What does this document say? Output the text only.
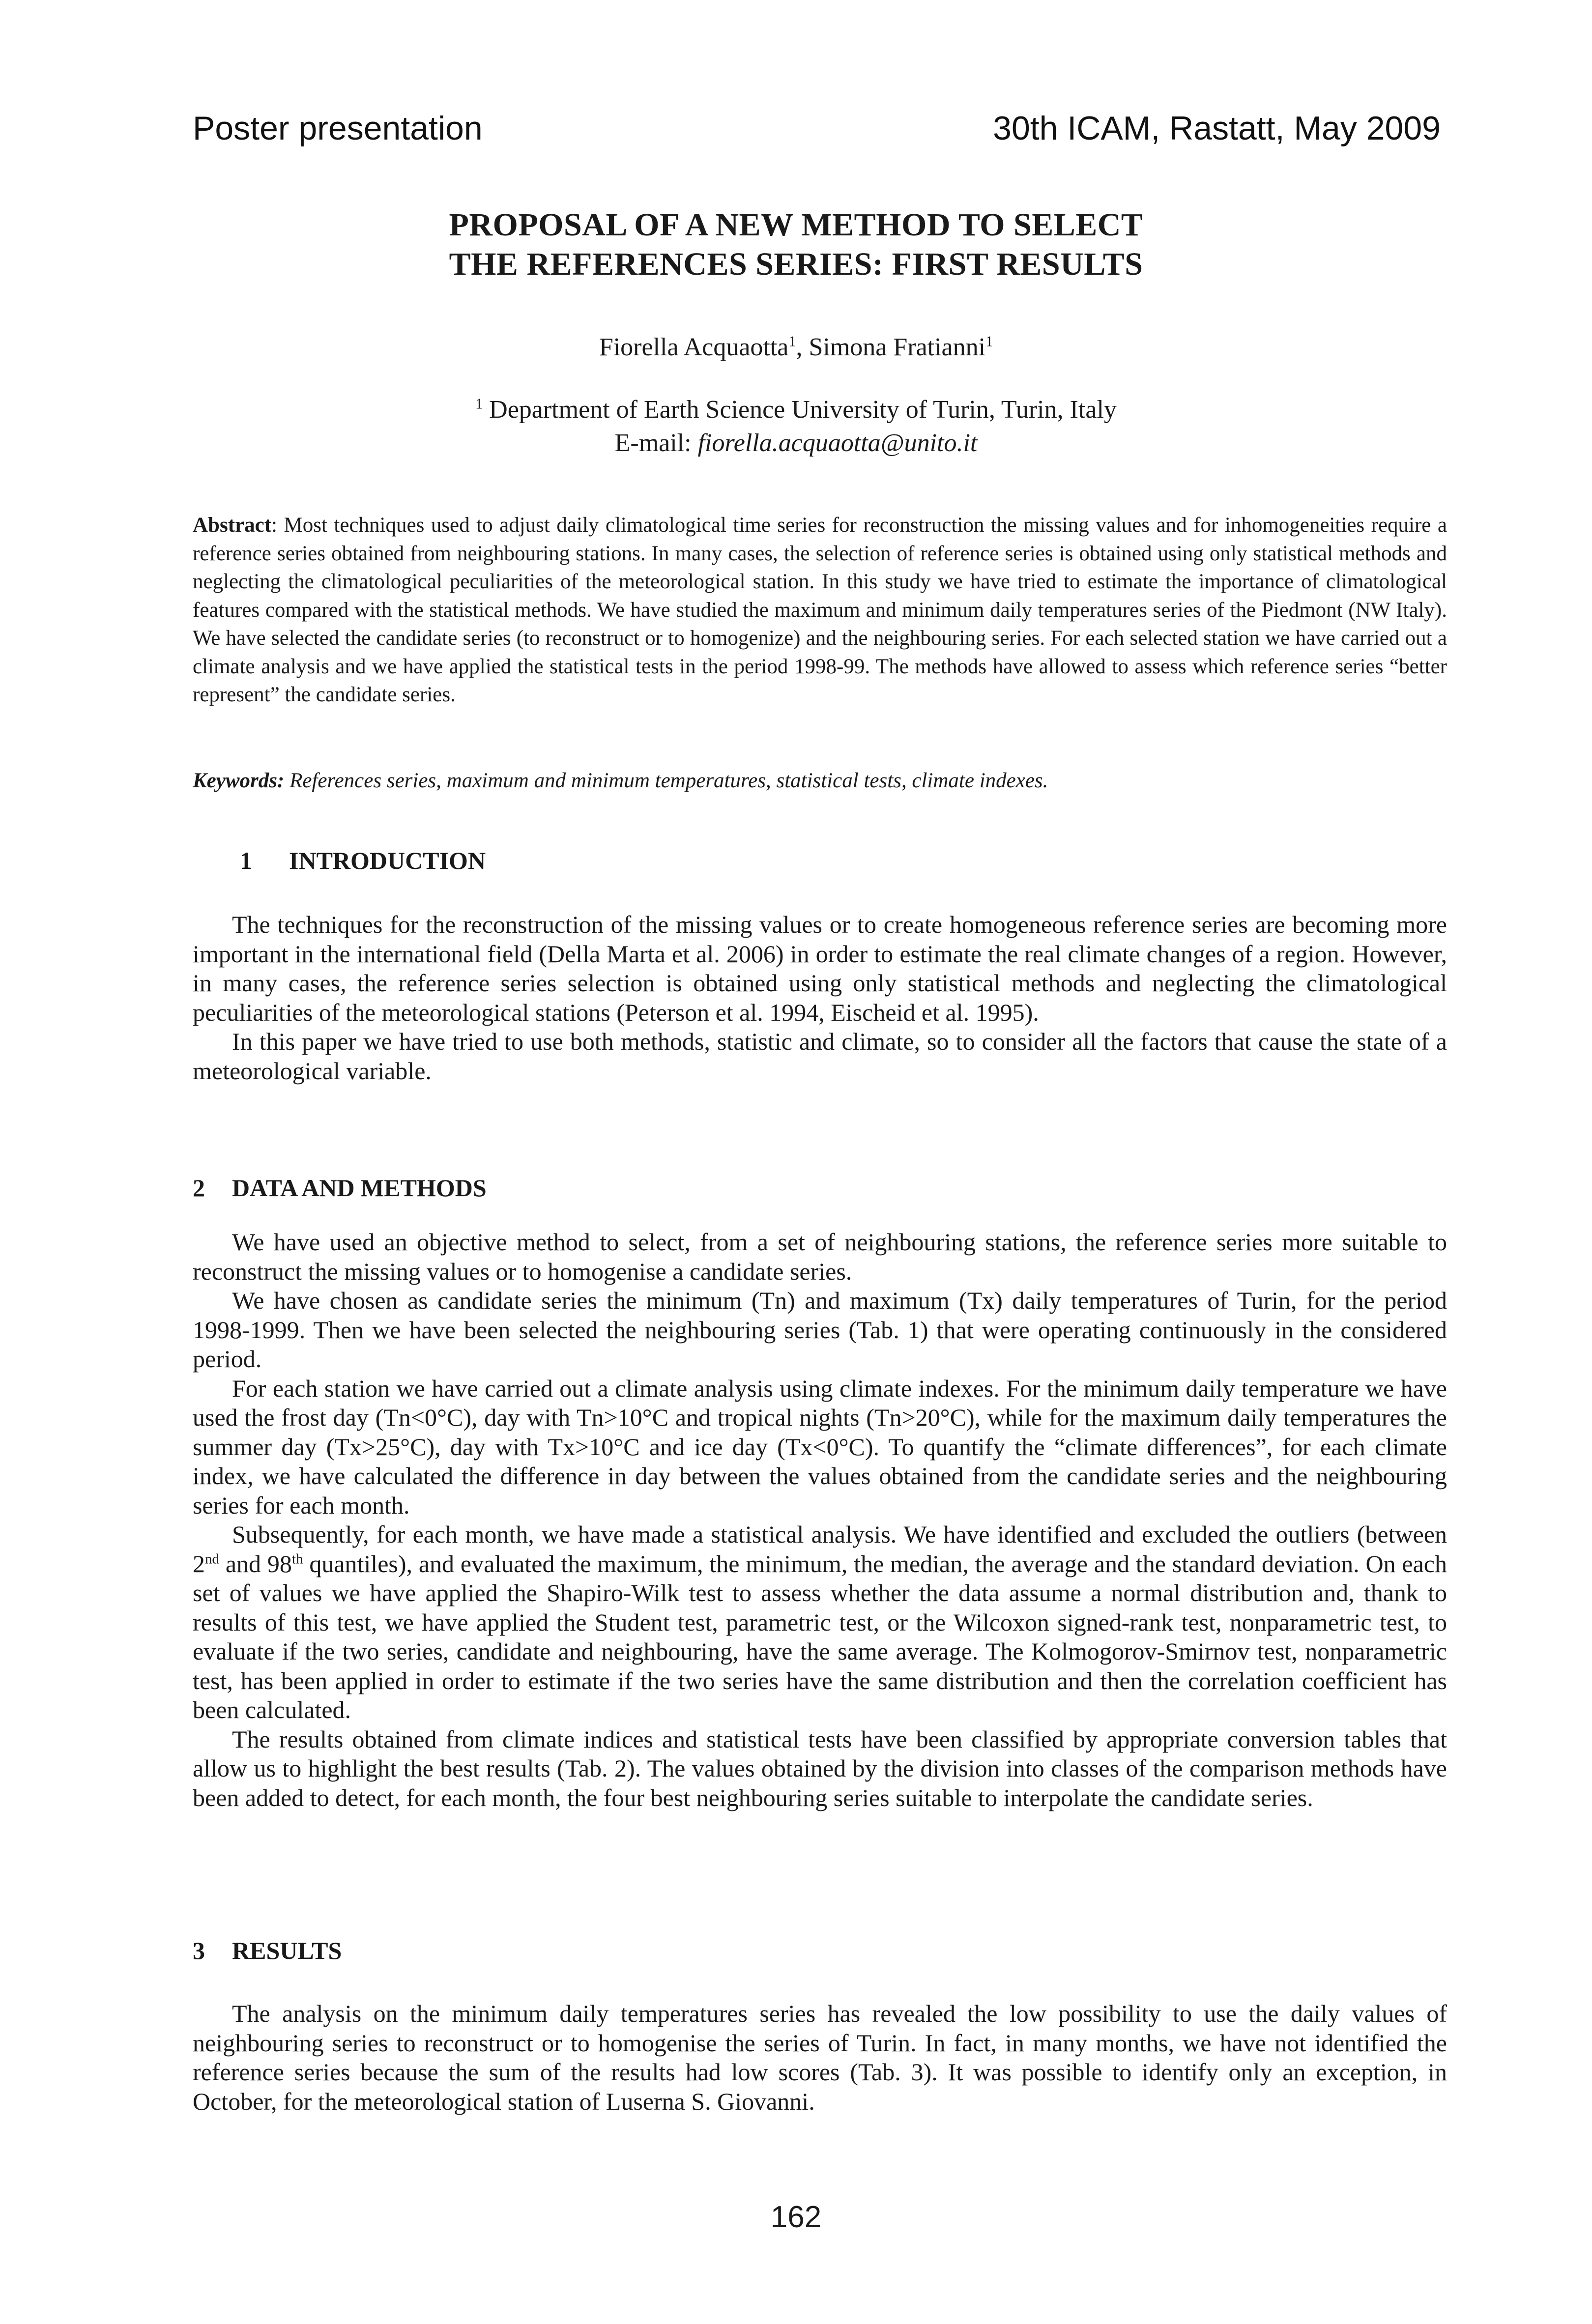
Poster presentation	30th ICAM, Rastatt, May 2009
PROPOSAL OF A NEW METHOD TO SELECT
THE REFERENCES SERIES: FIRST RESULTS
Fiorella Acquaotta$^1$, Simona Fratianni$^1$
$^1$ Department of Earth Science University of Turin, Turin, Italy
E-mail: fiorella.acquaotta@unito.it
Abstract: Most techniques used to adjust daily climatological time series for reconstruction the missing values and for inhomogeneities require a reference series obtained from neighbouring stations. In many cases, the selection of reference series is obtained using only statistical methods and neglecting the climatological peculiarities of the meteorological station. In this study we have tried to estimate the importance of climatological features compared with the statistical methods. We have studied the maximum and minimum daily temperatures series of the Piedmont (NW Italy). We have selected the candidate series (to reconstruct or to homogenize) and the neighbouring series. For each selected station we have carried out a climate analysis and we have applied the statistical tests in the period 1998-99. The methods have allowed to assess which reference series “better represent” the candidate series.
Keywords: References series, maximum and minimum temperatures, statistical tests, climate indexes.
1 INTRODUCTION

The techniques for the reconstruction of the missing values or to create homogeneous reference series are becoming more important in the international field (Della Marta et al. 2006) in order to estimate the real climate changes of a region. However, in many cases, the reference series selection is obtained using only statistical methods and neglecting the climatological peculiarities of the meteorological stations (Peterson et al. 1994, Eischeid et al. 1995).

In this paper we have tried to use both methods, statistic and climate, so to consider all the factors that cause the state of a meteorological variable.

2 DATA AND METHODS

We have used an objective method to select, from a set of neighbouring stations, the reference series more suitable to reconstruct the missing values or to homogenise a candidate series.

We have chosen as candidate series the minimum (Tn) and maximum (Tx) daily temperatures of Turin, for the period 1998-1999. Then we have been selected the neighbouring series (Tab. 1) that were operating continuously in the considered period.

For each station we have carried out a climate analysis using climate indexes. For the minimum daily temperature we have used the frost day (Tn<0°C), day with Tn>10°C and tropical nights (Tn>20°C), while for the maximum daily temperatures the summer day (Tx>25°C), day with Tx>10°C and ice day (Tx<0°C). To quantify the “climate differences”, for each climate index, we have calculated the difference in day between the values obtained from the candidate series and the neighbouring series for each month.

Subsequently, for each month, we have made a statistical analysis. We have identified and excluded the outliers (between 2nd and 98th quantiles), and evaluated the maximum, the minimum, the median, the average and the standard deviation. On each set of values we have applied the Shapiro-Wilk test to assess whether the data assume a normal distribution and, thank to results of this test, we have applied the Student test, parametric test, or the Wilcoxon signed-rank test, nonparametric test, to evaluate if the two series, candidate and neighbouring, have the same average. The Kolmogorov-Smirnov test, nonparametric test, has been applied in order to estimate if the two series have the same distribution and then the correlation coefficient has been calculated.

The results obtained from climate indices and statistical tests have been classified by appropriate conversion tables that allow us to highlight the best results (Tab. 2). The values obtained by the division into classes of the comparison methods have been added to detect, for each month, the four best neighbouring series suitable to interpolate the candidate series.

3 RESULTS

The analysis on the minimum daily temperatures series has revealed the low possibility to use the daily values of neighbouring series to reconstruct or to homogenise the series of Turin. In fact, in many months, we have not identified the reference series because the sum of the results had low scores (Tab. 3). It was possible to identify only an exception, in October, for the meteorological station of Luserna S. Giovanni.

162
